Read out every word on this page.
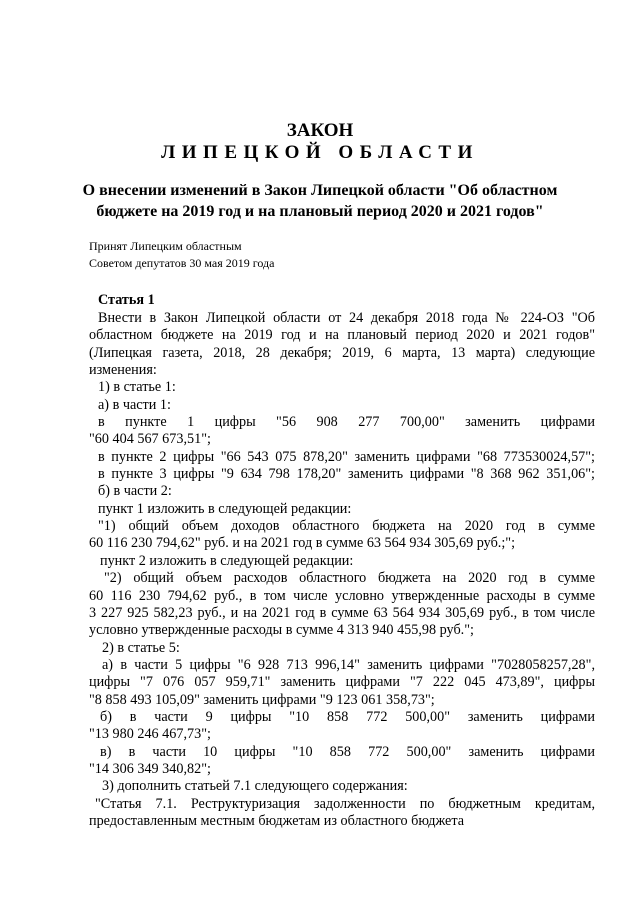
ЗАКОН
ЛИПЕЦКОЙ ОБЛАСТИ
О внесении изменений в Закон Липецкой области "Об областном
бюджете на 2019 год и на плановый период 2020 и 2021 годов"
Принят Липецким областным
Советом депутатов 30 мая 2019 года
Статья 1
Внести в Закон Липецкой области от 24 декабря 2018 года № 224-ОЗ "Об
областном бюджете на 2019 год и на плановый период 2020 и 2021 годов"
(Липецкая газета, 2018, 28 декабря; 2019, 6 марта, 13 марта) следующие
изменения:
1) в статье 1:
а) в части 1:
в пункте 1 цифры "56 908 277 700,00" заменить цифрами
"60 404 567 673,51";
в пункте 2 цифры "66 543 075 878,20" заменить цифрами "68 773530024,57";
в пункте 3 цифры "9 634 798 178,20" заменить цифрами "8 368 962 351,06";
б) в части 2:
пункт 1 изложить в следующей редакции:
"1) общий объем доходов областного бюджета на 2020 год в сумме
60 116 230 794,62" руб. и на 2021 год в сумме 63 564 934 305,69 руб.;";
пункт 2 изложить в следующей редакции:
"2) общий объем расходов областного бюджета на 2020 год в сумме
60 116 230 794,62 руб., в том числе условно утвержденные расходы в сумме
3 227 925 582,23 руб., и на 2021 год в сумме 63 564 934 305,69 руб., в том числе
условно утвержденные расходы в сумме 4 313 940 455,98 руб.";
2) в статье 5:
а) в части 5 цифры "6 928 713 996,14" заменить цифрами "7028058257,28",
цифры "7 076 057 959,71" заменить цифрами "7 222 045 473,89", цифры
"8 858 493 105,09" заменить цифрами "9 123 061 358,73";
б) в части 9 цифры "10 858 772 500,00" заменить цифрами
"13 980 246 467,73";
в) в части 10 цифры "10 858 772 500,00" заменить цифрами
"14 306 349 340,82";
3) дополнить статьей 7.1 следующего содержания:
"Статья 7.1. Реструктуризация задолженности по бюджетным кредитам,
предоставленным местным бюджетам из областного бюджета
